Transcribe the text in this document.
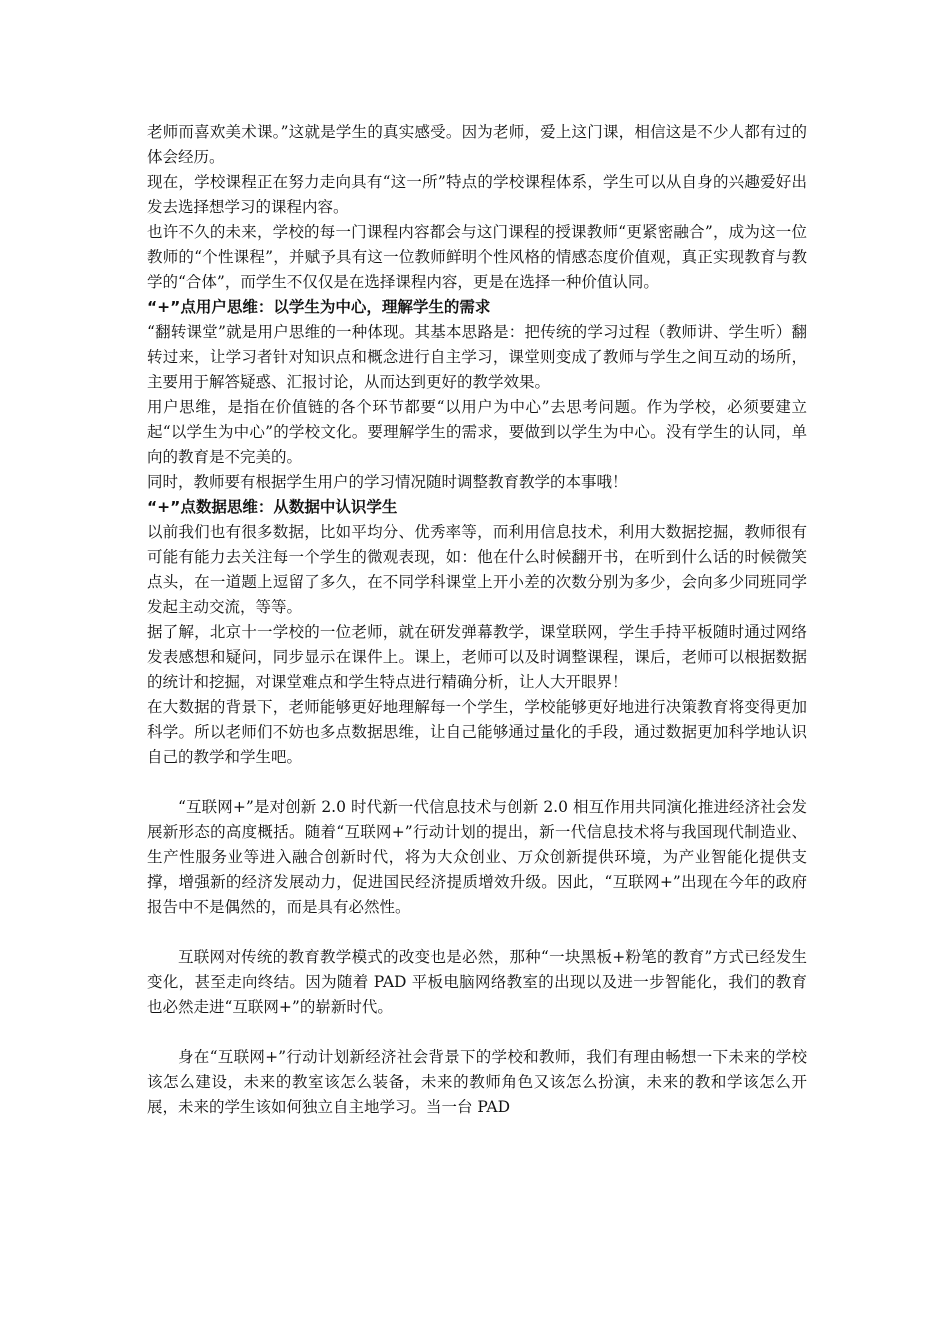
老师而喜欢美术课。”这就是学生的真实感受。因为老师，爱上这门课，相信这是不少人都有过的体会经历。

现在，学校课程正在努力走向具有“这一所”特点的学校课程体系，学生可以从自身的兴趣爱好出发去选择想学习的课程内容。

也许不久的未来，学校的每一门课程内容都会与这门课程的授课教师“更紧密融合”，成为这一位教师的“个性课程”，并赋予具有这一位教师鲜明个性风格的情感态度价值观，真正实现教育与教学的“合体”，而学生不仅仅是在选择课程内容，更是在选择一种价值认同。

“+”点用户思维：以学生为中心，理解学生的需求

“翻转课堂”就是用户思维的一种体现。其基本思路是：把传统的学习过程（教师讲、学生听）翻转过来，让学习者针对知识点和概念进行自主学习，课堂则变成了教师与学生之间互动的场所，主要用于解答疑惑、汇报讨论，从而达到更好的教学效果。

用户思维，是指在价值链的各个环节都要“以用户为中心”去思考问题。作为学校，必须要建立起“以学生为中心”的学校文化。要理解学生的需求，要做到以学生为中心。没有学生的认同，单向的教育是不完美的。

同时，教师要有根据学生用户的学习情况随时调整教育教学的本事哦！

“+”点数据思维：从数据中认识学生

以前我们也有很多数据，比如平均分、优秀率等，而利用信息技术，利用大数据挖掘，教师很有可能有能力去关注每一个学生的微观表现，如：他在什么时候翻开书，在听到什么话的时候微笑点头，在一道题上逗留了多久，在不同学科课堂上开小差的次数分别为多少，会向多少同班同学发起主动交流，等等。

据了解，北京十一学校的一位老师，就在研发弹幕教学，课堂联网，学生手持平板随时通过网络发表感想和疑问，同步显示在课件上。课上，老师可以及时调整课程，课后，老师可以根据数据的统计和挖掘，对课堂难点和学生特点进行精确分析，让人大开眼界！

在大数据的背景下，老师能够更好地理解每一个学生，学校能够更好地进行决策教育将变得更加科学。所以老师们不妨也多点数据思维，让自己能够通过量化的手段，通过数据更加科学地认识自己的教学和学生吧。

“互联网+”是对创新 2.0 时代新一代信息技术与创新 2.0 相互作用共同演化推进经济社会发展新形态的高度概括。随着“互联网+”行动计划的提出，新一代信息技术将与我国现代制造业、生产性服务业等进入融合创新时代，将为大众创业、万众创新提供环境，为产业智能化提供支撑，增强新的经济发展动力，促进国民经济提质增效升级。因此，“互联网+”出现在今年的政府报告中不是偶然的，而是具有必然性。

互联网对传统的教育教学模式的改变也是必然，那种“一块黑板+粉笔的教育”方式已经发生变化，甚至走向终结。因为随着 PAD 平板电脑网络教室的出现以及进一步智能化，我们的教育也必然走进“互联网+”的崭新时代。

身在“互联网+”行动计划新经济社会背景下的学校和教师，我们有理由畅想一下未来的学校该怎么建设，未来的教室该怎么装备，未来的教师角色又该怎么扮演，未来的教和学该怎么开展，未来的学生该如何独立自主地学习。当一台 PAD
